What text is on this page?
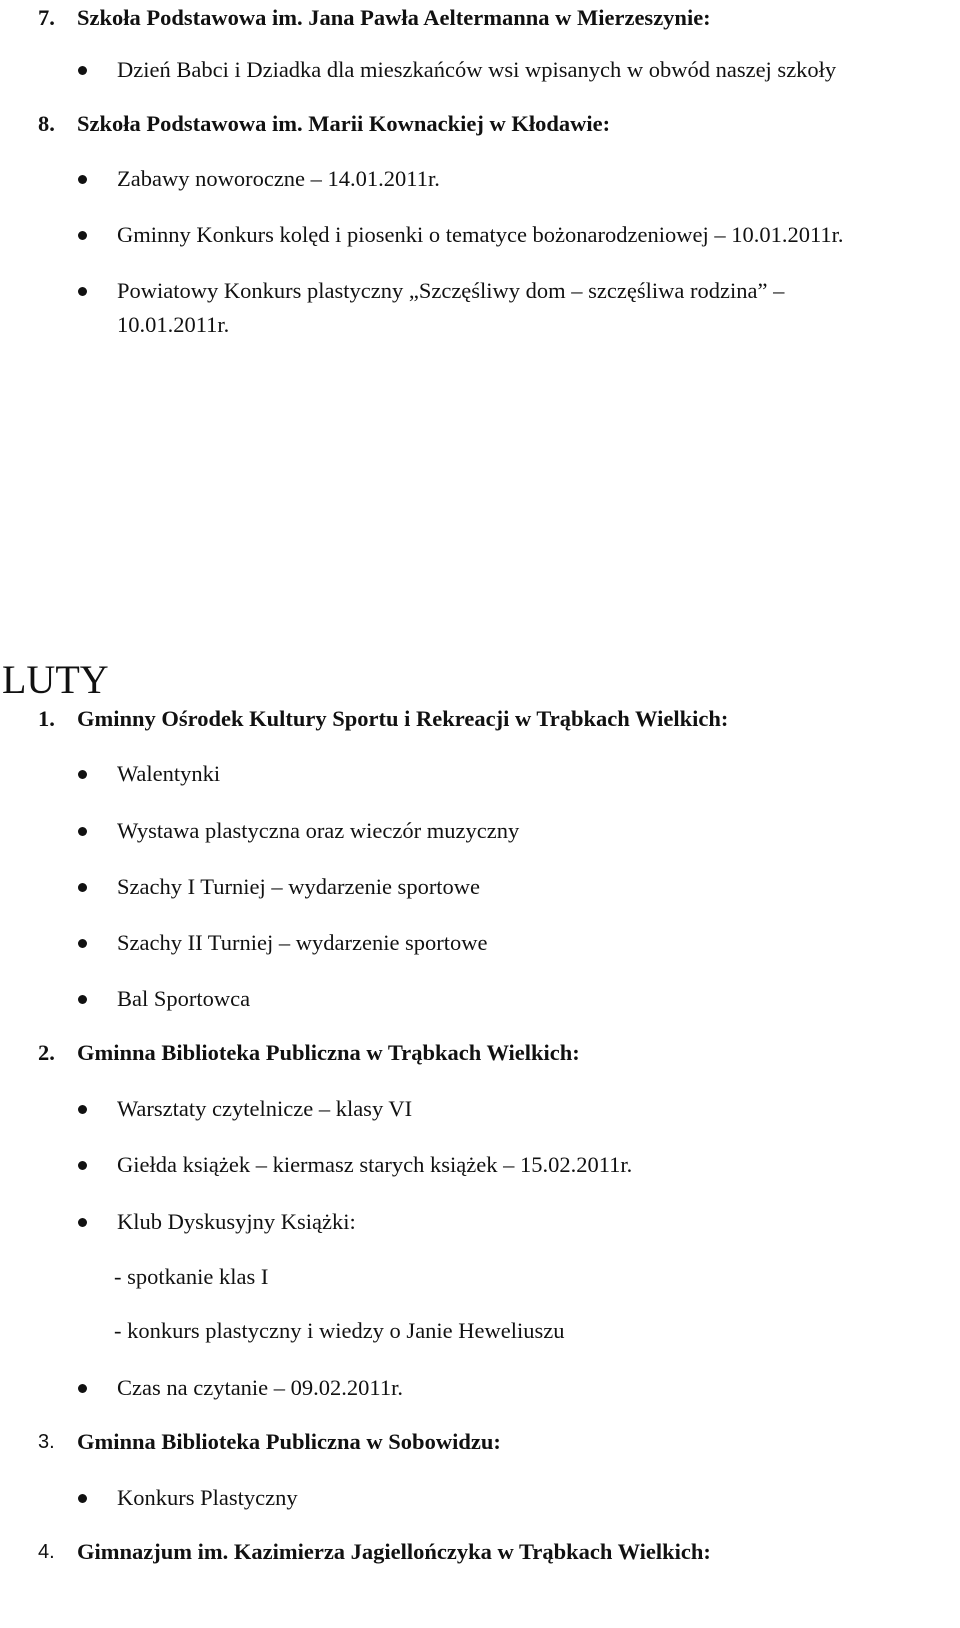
7. Szkoła Podstawowa im. Jana Pawła Aeltermanna w Mierzeszynie:
Dzień Babci i Dziadka dla mieszkańców wsi wpisanych w obwód naszej szkoły
8. Szkoła Podstawowa im. Marii Kownackiej w Kłodawie:
Zabawy noworoczne – 14.01.2011r.
Gminny Konkurs kolęd i piosenki o tematyce bożonarodzeniowej – 10.01.2011r.
Powiatowy Konkurs plastyczny „Szczęśliwy dom – szczęśliwa rodzina” –
10.01.2011r.
LUTY
1. Gminny Ośrodek Kultury Sportu i Rekreacji w Trąbkach Wielkich:
Walentynki
Wystawa plastyczna oraz wieczór muzyczny
Szachy I Turniej – wydarzenie sportowe
Szachy II Turniej – wydarzenie sportowe
Bal Sportowca
2. Gminna Biblioteka Publiczna w Trąbkach Wielkich:
Warsztaty czytelnicze – klasy VI
Giełda książek – kiermasz starych książek – 15.02.2011r.
Klub Dyskusyjny Książki:
- spotkanie klas I
- konkurs plastyczny i wiedzy o Janie Heweliuszu
Czas na czytanie – 09.02.2011r.
3. Gminna Biblioteka Publiczna w Sobowidzu:
Konkurs Plastyczny
4. Gimnazjum im. Kazimierza Jagiellończyka w Trąbkach Wielkich:
